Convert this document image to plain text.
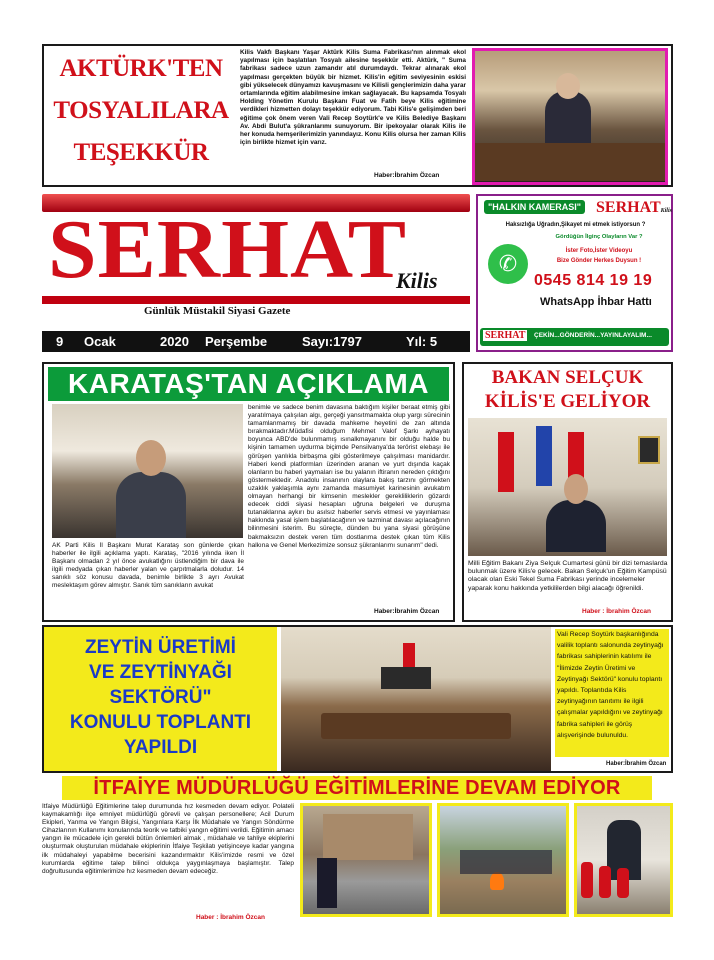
AKTÜRK'TEN
TOSYALILARA
TEŞEKKÜR
Kilis Vakfı Başkanı Yaşar Aktürk Kilis Suma Fabrikası'nın alınmak ekol yapılması için başlatılan Tosyalı ailesine teşekkür etti. Aktürk, " Suma fabrikası sadece uzun zamandır atıl durumdaydı. Tekrar alınarak ekol yapılması gerçekten büyük bir hizmet. Kilis'in eğitim seviyesinin eskisi gibi yükselecek dünyamızı kavuşmasını ve Kilisli gençlerimizin daha yarar ortamlarında eğitim alabilmesine imkan sağlayacak. Bu kapsamda Tosyalı Holding Yönetim Kurulu Başkanı Fuat ve Fatih beye Kilis eğitimine verdikleri hizmetten dolayı teşekkür ediyorum. Tabi Kilis'e gelişimden beri eğitime çok önem veren Vali Recep Soytürk'e ve Kilis Belediye Başkanı Av. Abdi Bulut'a şükranlarımı sunuyorum. Bir ipekoyalar olarak Kilis ile her konuda hemşerilerimizin yanındayız. Konu Kilis olursa her zaman Kilis için birlikte hizmet için varız.
Haber:İbrahim Özcan
SERHAT
Kilis
Günlük Müstakil Siyasi Gazete
9 Ocak	2020 Perşembe	Sayı:1797	Yıl: 5
"HALKIN KAMERASI" SERHATKilis
Haksızlığa Uğradın,Şikayet mi etmek istiyorsun ?
Gördüğün İlginç Olayların Var ?
✆	İster Foto,İster Videoyu
Bize Gönder Herkes Duysun !
0545 814 19 19
WhatsApp İhbar Hattı
SERHAT	ÇEKİN...GÖNDERİN...YAYINLAYALIM...
KARATAŞ'TAN AÇIKLAMA
benimle ve sadece benim davasına baktığım kişiler beraat etmiş gibi yaratılmaya çalışılan algı, gerçeği yansıtmamakta olup yargı sürecinin tamamlanmamış bir davada mahkeme heyetini de zan altında bırakmaktadır.Müdafisi olduğum Mehmet Vakıf Şarkı ayhayatı boyunca ABD'de bulunmamış ısınalkmayanını bir olduğu halde bu kişinin tamamen uydurma biçimde Pensilvanya'da terörist elebaşı ile görüşen yanlıkla birbaşma gibi gösterilmeye çalışılması manidardır. Haberi kendi platformları üzerinden aranan ve yurt dışında kaçak olanların bu haberi yaymaları ise bu yalanın iftiranın nereden çıktığını göstermektedir. Anadolu insanının olaylara bakış tarzını görmekten uzaklık yaklaşımla aynı zamanda masumiyet karinesinin avukatım olmayan herhangi bir kimsenin meslekler gerekliliklerin gözardı edecek ciddi siyasi hesapları uğruna belgeleri ve duruşma tutanaklarına aykırı bu asılsız haberler servis etmesi ve yayınlaması hakkında yasal işlem başlatılacağının ve tazminat davası açılacağının bilinmesini isterim. Bu süreçte, dünden bu yana siyasi görüşüne bakmaksızın destek veren tüm dostlarıma destek çıkan tüm Kilis halkına ve Genel Merkezimize sonsuz şükranlarımı sunarım" dedi.
AK Parti Kilis İl Başkanı Murat Karataş son günlerde çıkan haberler ile ilgili açıklama yaptı. Karataş, "2016 yılında iken İl Başkanı olmadan 2 yıl önce avukatlığını üstlendiğim bir dava ile ilgili medyada çıkan haberler yalan ve çarpıtmalarla doludur. 14 sanıklı söz konusu davada, benimle birlikte 3 ayrı Avukat meslektaşım görev almıştır. Sanık tüm sanıkların avukat
Haber:İbrahim Özcan
BAKAN SELÇUK
KİLİS'E GELİYOR
Milli Eğitim Bakanı Ziya Selçuk Cumartesi günü bir dizi temaslarda bulunmak üzere Kilis'e gelecek. Bakan Selçuk'un Eğitim Kampüsü olacak olan Eski Tekel Suma Fabrikası yerinde incelemeler yaparak konu hakkında yetkililerden bilgi alacağı öğrenildi.
Haber : İbrahim Özcan
ZEYTİN ÜRETİMİ
VE ZEYTİNYAĞI
SEKTÖRÜ"
KONULU TOPLANTI
YAPILDI
Vali Recep Soytürk başkanlığında valilik toplantı salonunda zeytinyağı fabrikası sahiplerinin katılımı ile "İlimizde Zeytin Üretimi ve Zeytinyağı Sektörü" konulu toplantı yapıldı. Toplantıda Kilis zeytinyağının tanıtımı ile ilgili çalışmalar yapıldığını ve zeytinyağı fabrika sahipleri ile görüş alışverişinde bulunuldu.
Haber:İbrahim Özcan
İTFAİYE MÜDÜRLÜĞÜ EĞİTİMLERİNE DEVAM EDİYOR
İtfaiye Müdürlüğü Eğitimlerine talep durumunda hız kesmeden devam ediyor. Polateli kaymakamlığı ilçe emniyet müdürlüğü görevli ve çalışan personellere; Acil Durum Ekipleri, Yanma ve Yangın Bilgisi, Yangınlara Karşı İlk Müdahale ve Yangın Söndürme Cihazlarının Kullanımı konularında teorik ve tatbiki yangın eğitimi verildi. Eğitimin amacı yangın ile mücadele için gerekli bütün önlemleri almak , müdahale ve tahliye ekiplerini oluşturmak oluşturulan müdahale ekiplerinin İtfaiye Teşkilatı yetişinceye kadar yangına ilk müdahaleyi yapabilme becerisini kazandırmaktır Kilis'imizde resmi ve özel kurumlarda eğitime talep bilinci oldukça yaygınlaşmaya başlamıştır. Talep doğrultusunda eğitimlerimize hız kesmeden devam edeceğiz.
Haber : İbrahim Özcan
